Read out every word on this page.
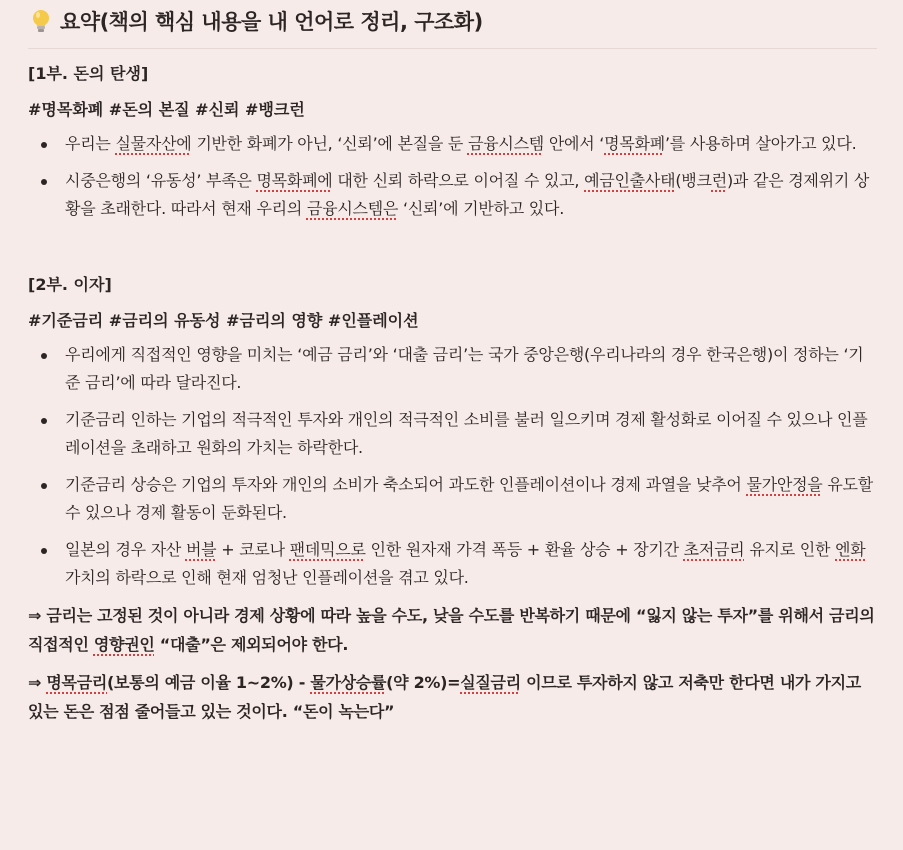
요약(책의 핵심 내용을 내 언어로 정리, 구조화)
[1부. 돈의 탄생]
#명목화폐 #돈의 본질 #신뢰 #뱅크런
우리는 실물자산에 기반한 화폐가 아닌, ‘신뢰’에 본질을 둔 금융시스템 안에서 ‘명목화폐’를 사용하며 살아가고 있다.
시중은행의 ‘유동성’ 부족은 명목화폐에 대한 신뢰 하락으로 이어질 수 있고, 예금인출사태(뱅크런)과 같은 경제위기 상황을 초래한다. 따라서 현재 우리의 금융시스템은 ‘신뢰’에 기반하고 있다.
[2부. 이자]
#기준금리 #금리의 유동성 #금리의 영향 #인플레이션
우리에게 직접적인 영향을 미치는 ‘예금 금리’와 ‘대출 금리’는 국가 중앙은행(우리나라의 경우 한국은행)이 정하는 ‘기준 금리’에 따라 달라진다.
기준금리 인하는 기업의 적극적인 투자와 개인의 적극적인 소비를 불러 일으키며 경제 활성화로 이어질 수 있으나 인플레이션을 초래하고 원화의 가치는 하락한다.
기준금리 상승은 기업의 투자와 개인의 소비가 축소되어 과도한 인플레이션이나 경제 과열을 낮추어 물가안정을 유도할 수 있으나 경제 활동이 둔화된다.
일본의 경우 자산 버블 + 코로나 팬데믹으로 인한 원자재 가격 폭등 + 환율 상승 + 장기간 초저금리 유지로 인한 엔화 가치의 하락으로 인해 현재 엄청난 인플레이션을 겪고 있다.
⇒ 금리는 고정된 것이 아니라 경제 상황에 따라 높을 수도, 낮을 수도를 반복하기 때문에 “잃지 않는 투자”를 위해서 금리의 직접적인 영향권인 “대출”은 제외되어야 한다.
⇒ 명목금리(보통의 예금 이율 1~2%) - 물가상승률(약 2%)=실질금리 이므로 투자하지 않고 저축만 한다면 내가 가지고 있는 돈은 점점 줄어들고 있는 것이다. “돈이 녹는다”
